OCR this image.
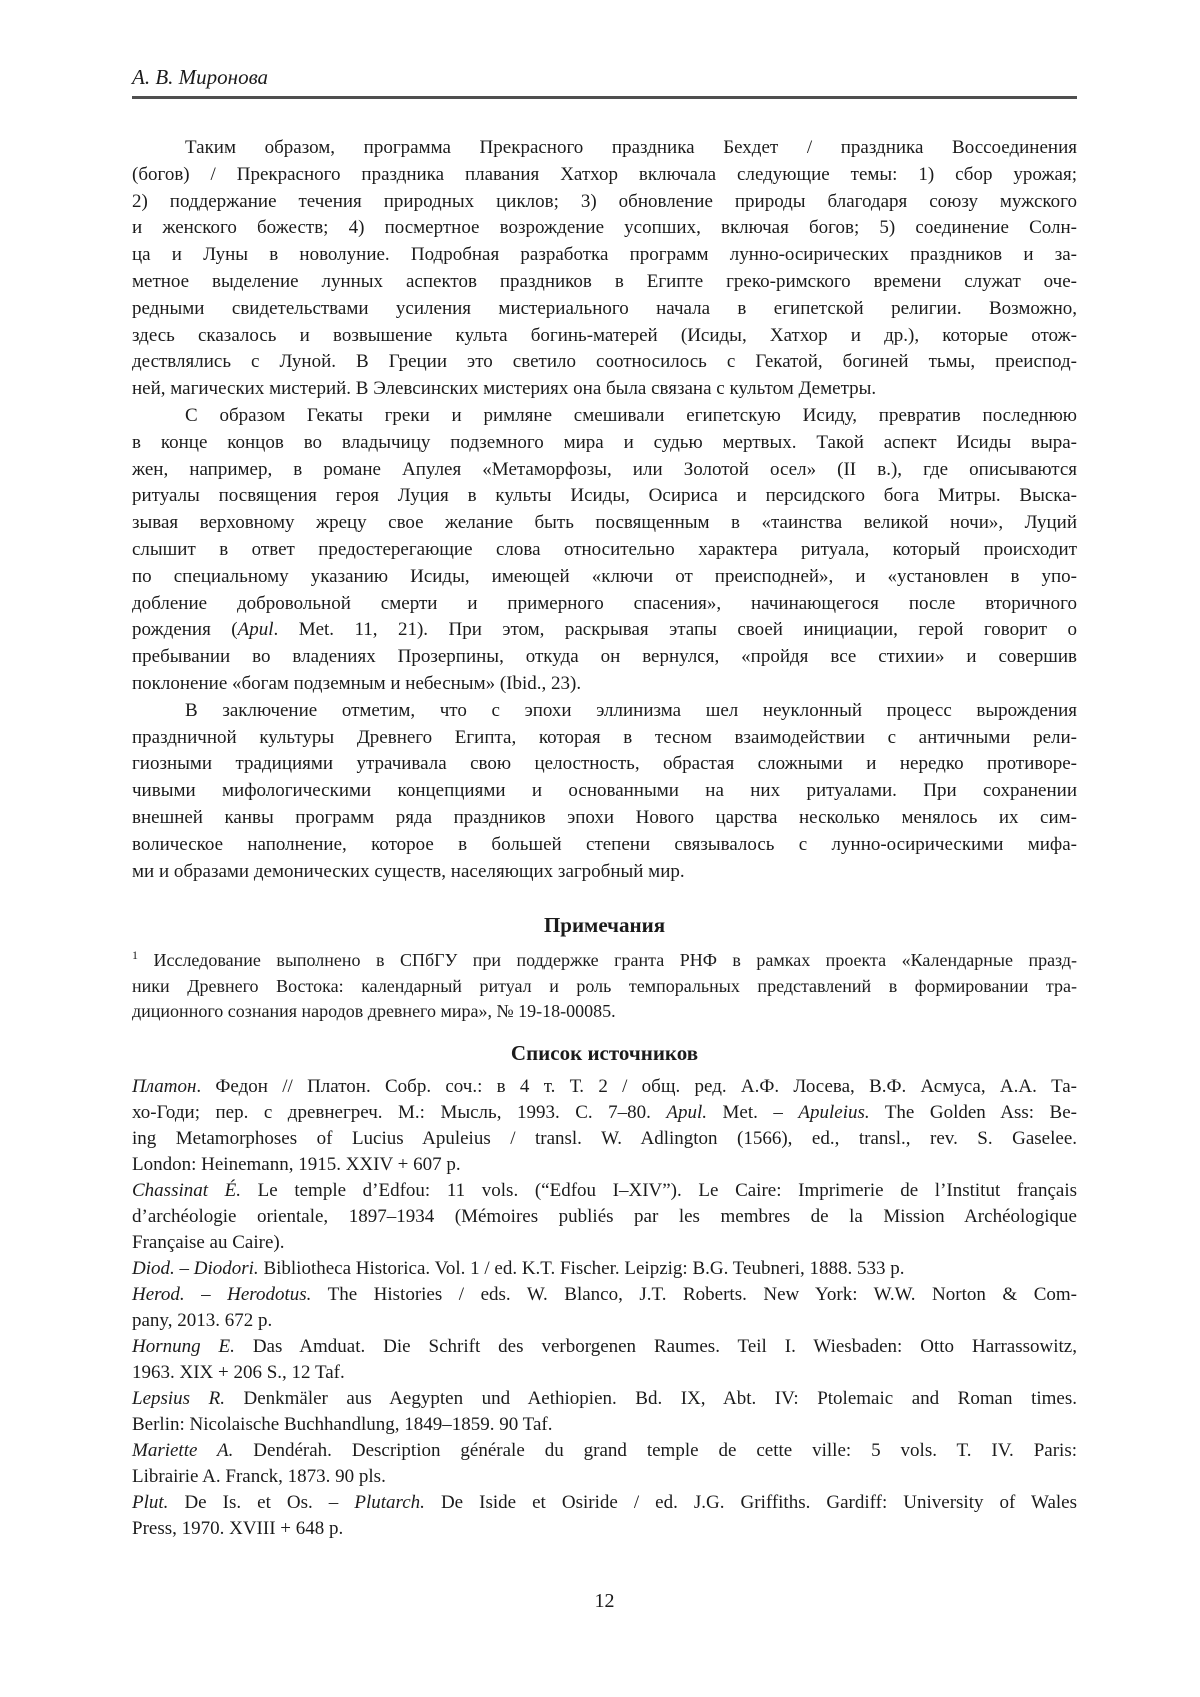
А. В. Миронова
Таким образом, программа Прекрасного праздника Бехдет / праздника Воссоединения
(богов) / Прекрасного праздника плавания Хатхор включала следующие темы: 1) сбор урожая;
2) поддержание течения природных циклов; 3) обновление природы благодаря союзу мужского
и женского божеств; 4) посмертное возрождение усопших, включая богов; 5) соединение Солн-
ца и Луны в новолуние. Подробная разработка программ лунно-осирических праздников и за-
метное выделение лунных аспектов праздников в Египте греко-римского времени служат оче-
редными свидетельствами усиления мистериального начала в египетской религии. Возможно,
здесь сказалось и возвышение культа богинь-матерей (Исиды, Хатхор и др.), которые отож-
дествлялись с Луной. В Греции это светило соотносилось с Гекатой, богиней тьмы, преиспод-
ней, магических мистерий. В Элевсинских мистериях она была связана с культом Деметры.
С образом Гекаты греки и римляне смешивали египетскую Исиду, превратив последнюю
в конце концов во владычицу подземного мира и судью мертвых. Такой аспект Исиды выра-
жен, например, в романе Апулея «Метаморфозы, или Золотой осел» (II в.), где описываются
ритуалы посвящения героя Луция в культы Исиды, Осириса и персидского бога Митры. Выска-
зывая верховному жрецу свое желание быть посвященным в «таинства великой ночи», Луций
слышит в ответ предостерегающие слова относительно характера ритуала, который происходит
по специальному указанию Исиды, имеющей «ключи от преисподней», и «установлен в упо-
добление добровольной смерти и примерного спасения», начинающегося после вторичного
рождения (Apul. Met. 11, 21). При этом, раскрывая этапы своей инициации, герой говорит о
пребывании во владениях Прозерпины, откуда он вернулся, «пройдя все стихии» и совершив
поклонение «богам подземным и небесным» (Ibid., 23).
В заключение отметим, что с эпохи эллинизма шел неуклонный процесс вырождения
праздничной культуры Древнего Египта, которая в тесном взаимодействии с античными рели-
гиозными традициями утрачивала свою целостность, обрастая сложными и нередко противоре-
чивыми мифологическими концепциями и основанными на них ритуалами. При сохранении
внешней канвы программ ряда праздников эпохи Нового царства несколько менялось их сим-
волическое наполнение, которое в большей степени связывалось с лунно-осирическими мифа-
ми и образами демонических существ, населяющих загробный мир.
Примечания
$^1$ Исследование выполнено в СПбГУ при поддержке гранта РНФ в рамках проекта «Календарные празд-
ники Древнего Востока: календарный ритуал и роль темпоральных представлений в формировании тра-
диционного сознания народов древнего мира», № 19-18-00085.
Список источников
Платон. Федон // Платон. Собр. соч.: в 4 т. Т. 2 / общ. ред. А.Ф. Лосева, В.Ф. Асмуса, А.А. Та-
хо-Годи; пер. с древнегреч. М.: Мысль, 1993. С. 7–80. Apul. Met. – Apuleius. The Golden Ass: Be-
ing Metamorphoses of Lucius Apuleius / transl. W. Adlington (1566), ed., transl., rev. S. Gaselee.
London: Heinemann, 1915. XXIV + 607 p.
Chassinat É. Le temple d’Edfou: 11 vols. (“Edfou I–XIV”). Le Caire: Imprimerie de l’Institut français
d’archéologie orientale, 1897–1934 (Mémoires publiés par les membres de la Mission Archéologique
Française au Caire).
Diod. – Diodori. Bibliotheca Historica. Vol. 1 / ed. K.T. Fischer. Leipzig: B.G. Teubneri, 1888. 533 p.
Herod. – Herodotus. The Histories / eds. W. Blanco, J.T. Roberts. New York: W.W. Norton & Com-
pany, 2013. 672 p.
Hornung E. Das Amduat. Die Schrift des verborgenen Raumes. Teil I. Wiesbaden: Otto Harrassowitz,
1963. XIX + 206 S., 12 Taf.
Lepsius R. Denkmäler aus Aegypten und Aethiopien. Bd. IX, Abt. IV: Ptolemaic and Roman times.
Berlin: Nicolaische Buchhandlung, 1849–1859. 90 Taf.
Mariette A. Dendérah. Description générale du grand temple de cette ville: 5 vols. T. IV. Paris:
Librairie A. Franck, 1873. 90 pls.
Plut. De Is. et Os. – Plutarch. De Iside et Osiride / ed. J.G. Griffiths. Gardiff: University of Wales
Press, 1970. XVIII + 648 p.
12
